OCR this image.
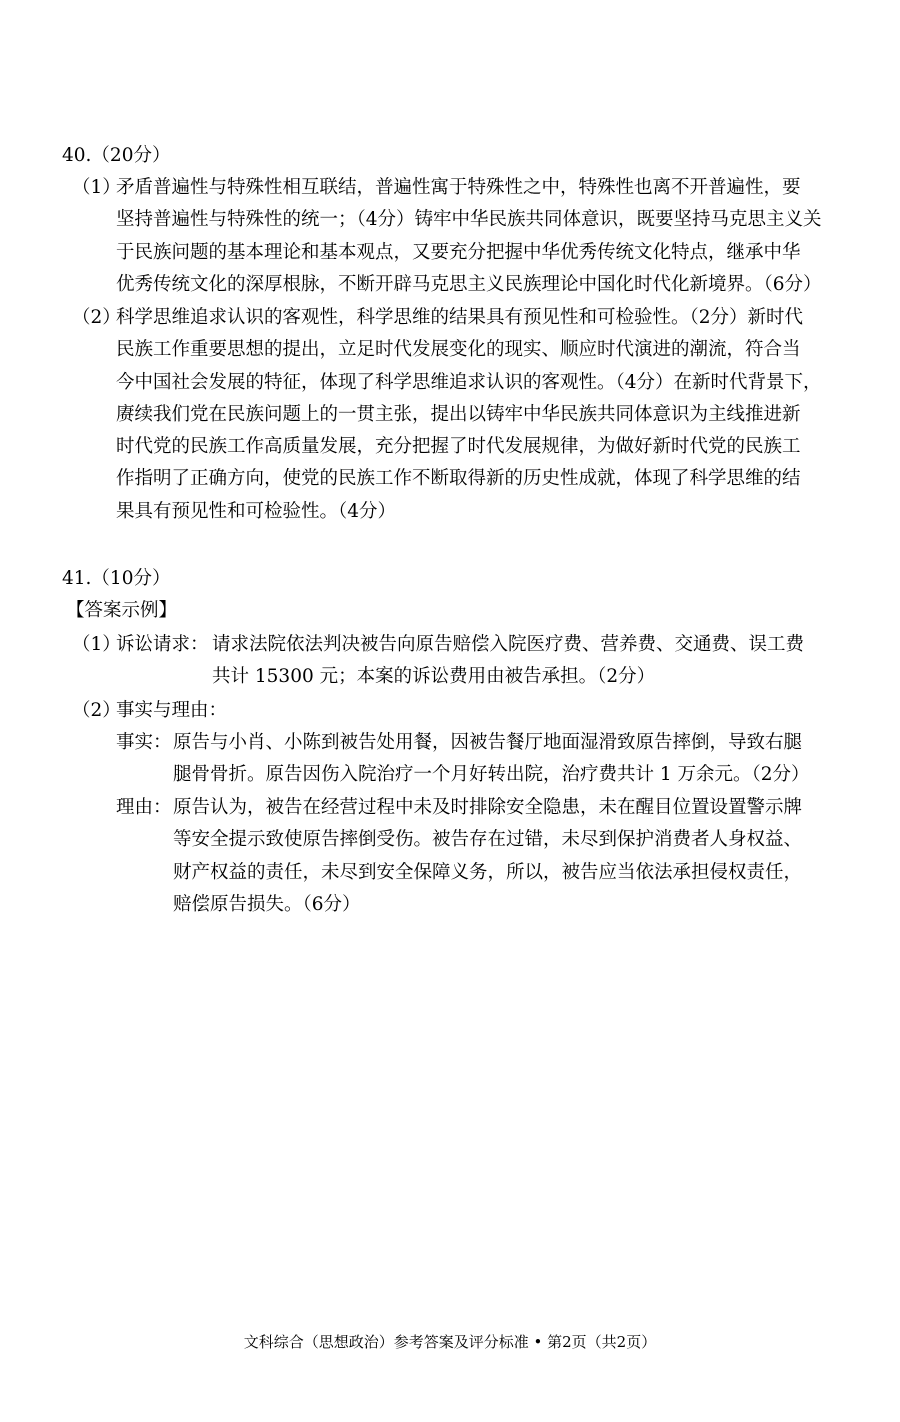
40.（20分）
（1）
矛盾普遍性与特殊性相互联结，普遍性寓于特殊性之中，特殊性也离不开普遍性，要
坚持普遍性与特殊性的统一；（4分）铸牢中华民族共同体意识，既要坚持马克思主义关
于民族问题的基本理论和基本观点，又要充分把握中华优秀传统文化特点，继承中华
优秀传统文化的深厚根脉，不断开辟马克思主义民族理论中国化时代化新境界。（6分）
（2）
科学思维追求认识的客观性，科学思维的结果具有预见性和可检验性。（2分）新时代
民族工作重要思想的提出，立足时代发展变化的现实、顺应时代演进的潮流，符合当
今中国社会发展的特征，体现了科学思维追求认识的客观性。（4分）在新时代背景下，
赓续我们党在民族问题上的一贯主张，提出以铸牢中华民族共同体意识为主线推进新
时代党的民族工作高质量发展，充分把握了时代发展规律，为做好新时代党的民族工
作指明了正确方向，使党的民族工作不断取得新的历史性成就，体现了科学思维的结
果具有预见性和可检验性。（4分）
41.（10分）
【答案示例】
（1）
诉讼请求： 请求法院依法判决被告向原告赔偿入院医疗费、营养费、交通费、误工费
共计 15300 元；本案的诉讼费用由被告承担。（2分）
（2）
事实与理由：
事实： 原告与小肖、小陈到被告处用餐，因被告餐厅地面湿滑致原告摔倒，导致右腿
腿骨骨折。原告因伤入院治疗一个月好转出院，治疗费共计 1 万余元。（2分）
理由： 原告认为，被告在经营过程中未及时排除安全隐患，未在醒目位置设置警示牌
等安全提示致使原告摔倒受伤。被告存在过错，未尽到保护消费者人身权益、
财产权益的责任，未尽到安全保障义务，所以，被告应当依法承担侵权责任，
赔偿原告损失。（6分）
文科综合（思想政治）参考答案及评分标准 • 第2页（共2页）
